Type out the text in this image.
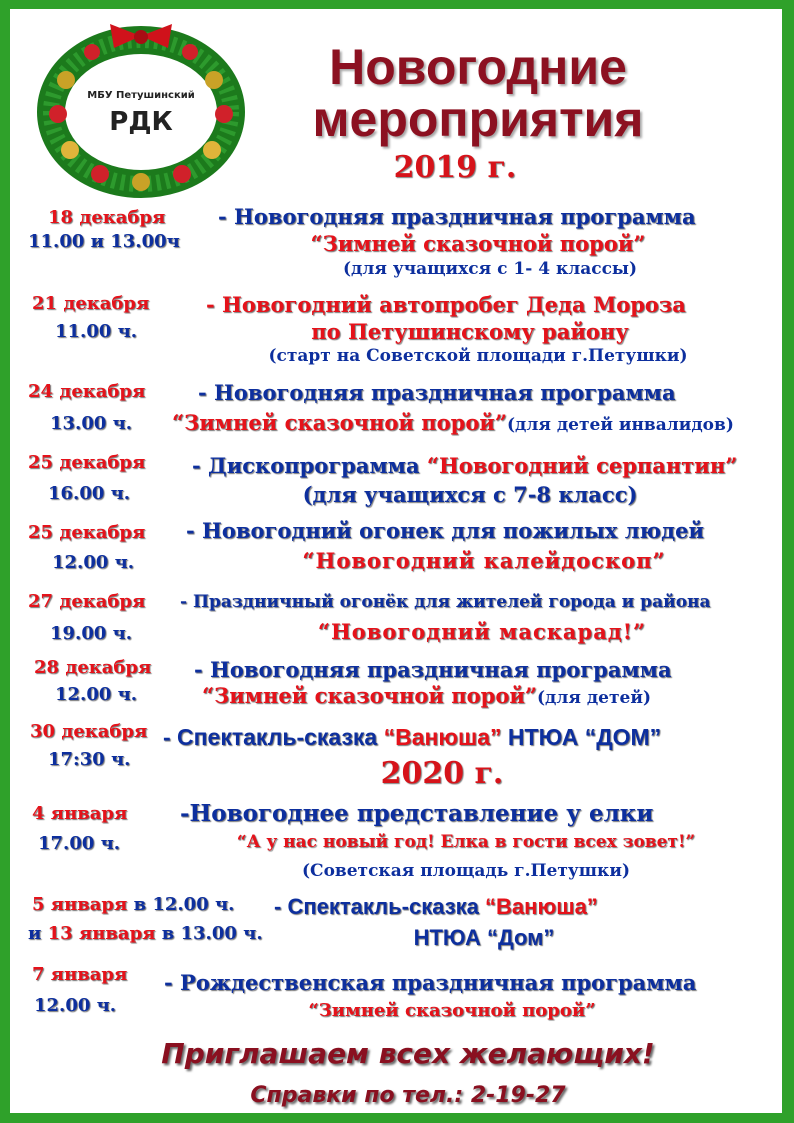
МБУ Петушинский
РДК
Новогодние
мероприятия
2019 г.
18 декабря
11.00 и 13.00ч
- Новогодняя праздничная программа
“Зимней сказочной порой”
(для учащихся с 1- 4 классы)
21 декабря
11.00 ч.
- Новогодний автопробег Деда Мороза
по Петушинскому району
(старт на Советской площади г.Петушки)
24 декабря
13.00 ч.
- Новогодняя праздничная программа
“Зимней сказочной порой”(для детей инвалидов)
25 декабря
16.00 ч.
- Дископрограмма “Новогодний серпантин”
(для учащихся с 7-8 класс)
25 декабря
12.00 ч.
- Новогодний огонек для пожилых людей
“Новогодний калейдоскоп”
27 декабря
19.00 ч.
- Праздничный огонёк для жителей города и района
“Новогодний маскарад!”
28 декабря
12.00 ч.
- Новогодняя праздничная программа
“Зимней сказочной порой”(для детей)
30 декабря
17:30 ч.
- Спектакль-сказка “Ванюша” НТЮА “ДОМ”
2020 г.
4 января
17.00 ч.
-Новогоднее представление у елки
“А у нас новый год! Елка в гости всех зовет!”
(Советская площадь г.Петушки)
5 января в 12.00 ч.
и 13 января в 13.00 ч.
- Спектакль-сказка “Ванюша”
НТЮА “Дом”
7 января
12.00 ч.
- Рождественская праздничная программа
“Зимней сказочной порой”
Приглашаем всех желающих!
Справки по тел.: 2-19-27
